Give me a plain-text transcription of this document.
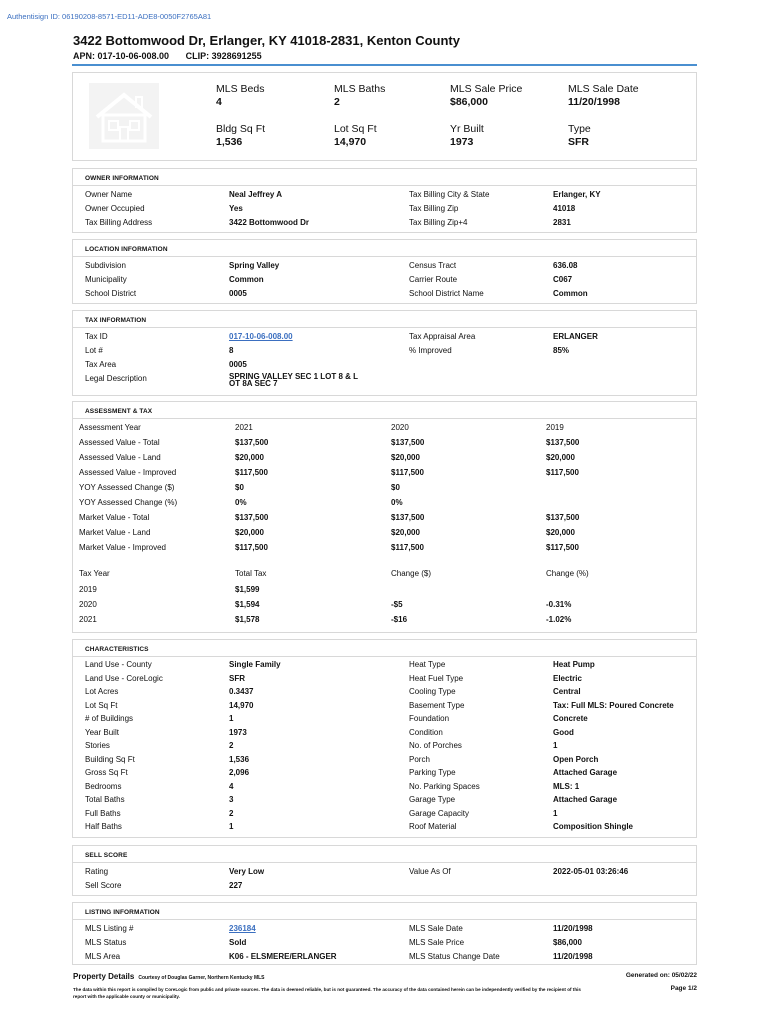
Authentisign ID: 06190208-8571-ED11-ADE8-0050F2765A81
3422 Bottomwood Dr, Erlanger, KY 41018-2831, Kenton County
APN: 017-10-06-008.00 CLIP: 3928691255
MLS Beds
4
MLS Baths
2
MLS Sale Price
$86,000
MLS Sale Date
11/20/1998
Bldg Sq Ft
1,536
Lot Sq Ft
14,970
Yr Built
1973
Type
SFR
OWNER INFORMATION
Owner Name	Neal Jeffrey A
Owner Occupied	Yes
Tax Billing Address	3422 Bottomwood Dr
Tax Billing City & State	Erlanger, KY
Tax Billing Zip	41018
Tax Billing Zip+4	2831
LOCATION INFORMATION
Subdivision	Spring Valley
Municipality	Common
School District	0005
Census Tract	636.08
Carrier Route	C067
School District Name	Common
TAX INFORMATION
Tax ID	017-10-06-008.00
Lot #	8
Tax Area	0005
Legal Description	SPRING VALLEY SEC 1 LOT 8 & L
OT 8A SEC 7
Tax Appraisal Area	ERLANGER
% Improved	85%
ASSESSMENT & TAX
Assessment Year	2021	2020	2019
Assessed Value - Total	$137,500	$137,500	$137,500
Assessed Value - Land	$20,000	$20,000	$20,000
Assessed Value - Improved	$117,500	$117,500	$117,500
YOY Assessed Change ($)	$0	$0
YOY Assessed Change (%)	0%	0%
Market Value - Total	$137,500	$137,500	$137,500
Market Value - Land	$20,000	$20,000	$20,000
Market Value - Improved	$117,500	$117,500	$117,500
Tax Year	Total Tax	Change ($)	Change (%)
2019	$1,599
2020	$1,594	-$5	-0.31%
2021	$1,578	-$16	-1.02%
CHARACTERISTICS
Land Use - County	Single Family
Land Use - CoreLogic	SFR
Lot Acres	0.3437
Lot Sq Ft	14,970
# of Buildings	1
Year Built	1973
Stories	2
Building Sq Ft	1,536
Gross Sq Ft	2,096
Bedrooms	4
Total Baths	3
Full Baths	2
Half Baths	1
Heat Type	Heat Pump
Heat Fuel Type	Electric
Cooling Type	Central
Basement Type	Tax: Full MLS: Poured Concrete
Foundation	Concrete
Condition	Good
No. of Porches	1
Porch	Open Porch
Parking Type	Attached Garage
No. Parking Spaces	MLS: 1
Garage Type	Attached Garage
Garage Capacity	1
Roof Material	Composition Shingle
SELL SCORE
Rating	Very Low
Sell Score	227
Value As Of	2022-05-01 03:26:46
LISTING INFORMATION
MLS Listing #	236184
MLS Status	Sold
MLS Area	K06 - ELSMERE/ERLANGER
MLS Sale Date	11/20/1998
MLS Sale Price	$86,000
MLS Status Change Date	11/20/1998
Property Details Courtesy of Douglas Garner, Northern Kentucky MLS	Generated on: 05/02/22
The data within this report is compiled by CoreLogic from public and private sources. The data is deemed reliable, but is not guaranteed. The accuracy of the data contained herein can be independently verified by the recipient of this report with the applicable county or municipality.
Page 1/2
